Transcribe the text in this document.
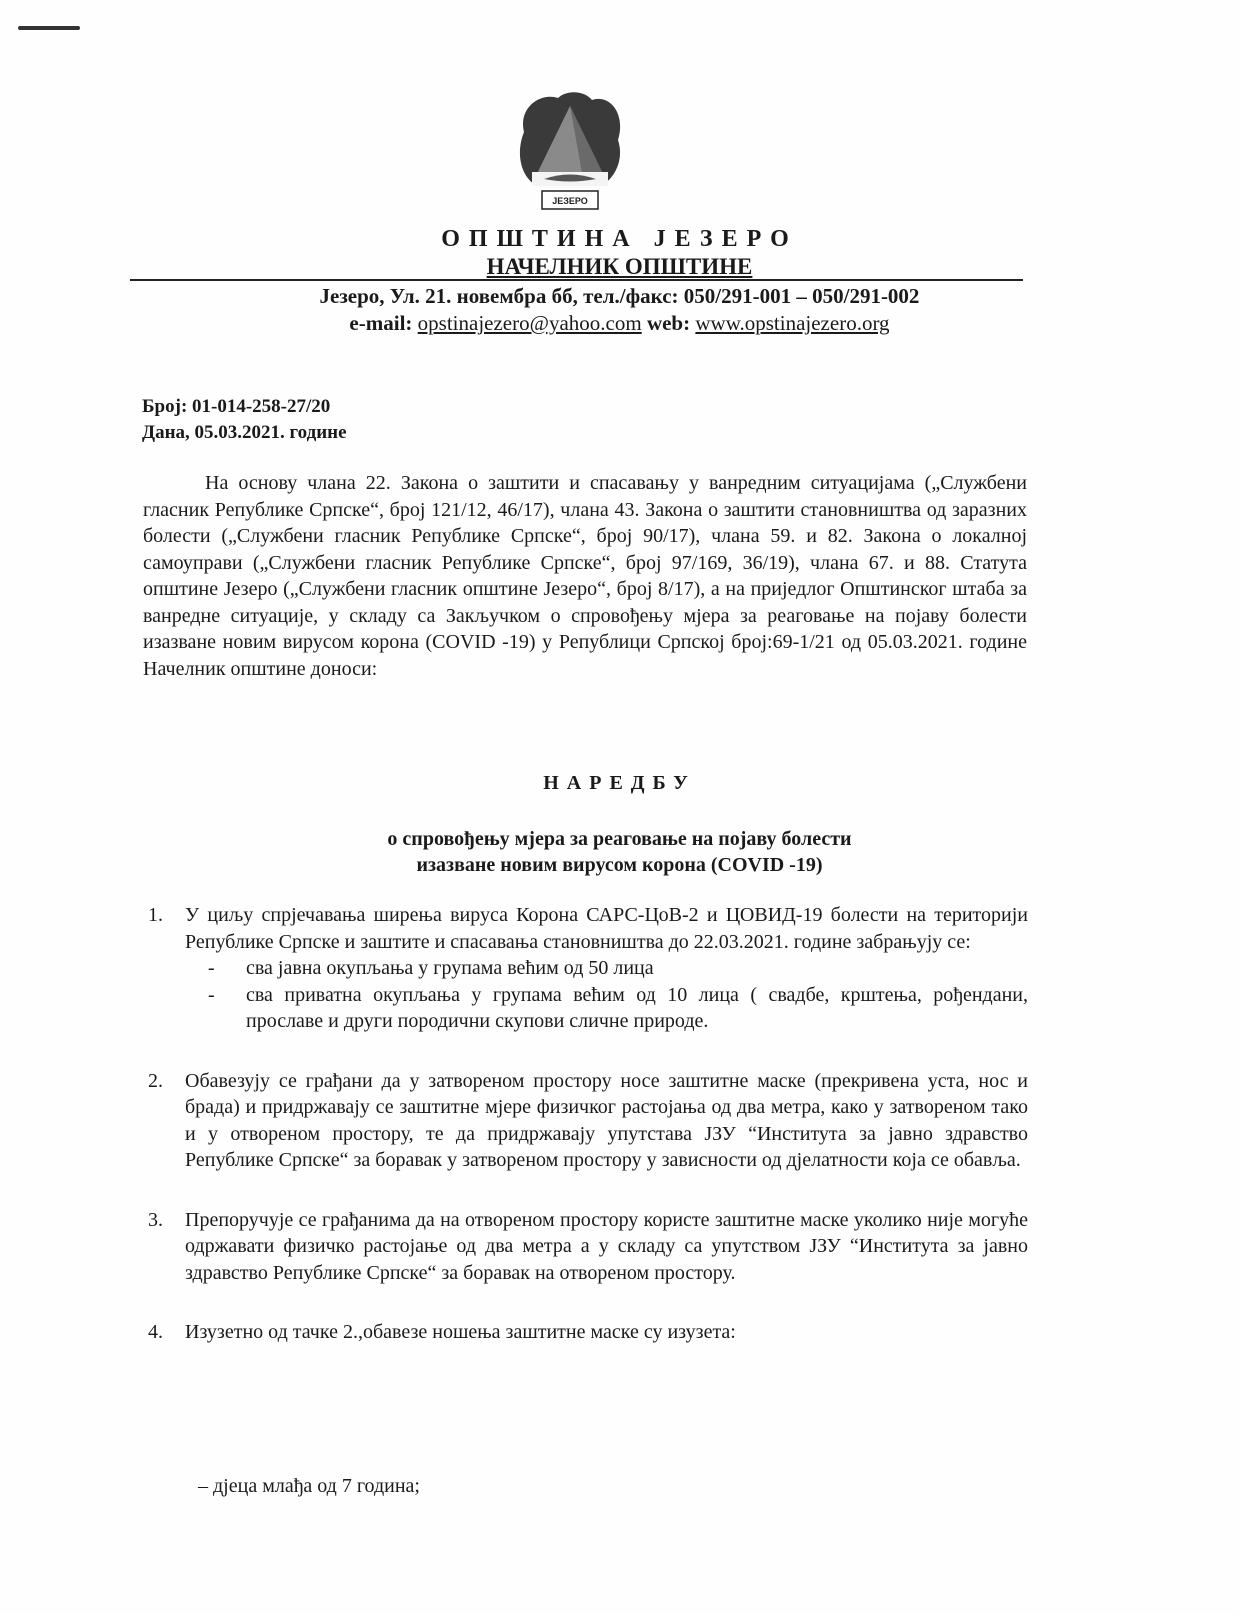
ЈЕЗЕРО
ОПШТИНА ЈЕЗЕРО
НАЧЕЛНИК ОПШТИНЕ
Језеро, Ул. 21. новембра бб, тел./факс: 050/291-001 – 050/291-002
e-mail: opstinajezero@yahoo.com web: www.opstinajezero.org
Број: 01-014-258-27/20
Дана, 05.03.2021. године

На основу члана 22. Закона о заштити и спасавању у ванредним ситуацијама („Службени гласник Републике Српске“, број 121/12, 46/17), члана 43. Закона о заштити становништва од заразних болести („Службени гласник Републике Српске“, број 90/17), члана 59. и 82. Закона о локалној самоуправи („Службени гласник Републике Српске“, број 97/169, 36/19), члана 67. и 88. Статута општине Језеро („Службени гласник општине Језеро“, број 8/17), а на приједлог Општинског штаба за ванредне ситуације, у складу са Закључком о спровођењу мјера за реаговање на појаву болести изазване новим вирусом корона (COVID -19) у Републици Српској број:69-1/21 од 05.03.2021. године Начелник општине доноси:

НАРЕДБУ
о спровођењу мјера за реаговање на појаву болести
изазване новим вирусом корона (COVID -19)
1. У циљу спрјечавања ширења вируса Корона САРС-ЦоВ-2 и ЦОВИД-19 болести на територији Републике Српске и заштите и спасавања становништва до 22.03.2021. године забрањују се:
- сва јавна окупљања у групама већим од 50 лица
- сва приватна окупљања у групама већим од 10 лица ( свадбе, крштења, рођендани, прославе и други породични скупови сличне природе.
2. Обавезују се грађани да у затвореном простору носе заштитне маске (прекривена уста, нос и брада) и придржавају се заштитне мјере физичког растојања од два метра, како у затвореном тако и у отвореном простору, те да придржавају упутстава ЈЗУ “Института за јавно здравство Републике Српске“ за боравак у затвореном простору у зависности од дјелатности која се обавља.
3. Препоручује се грађанима да на отвореном простору користе заштитне маске уколико није могуће одржавати физичко растојање од два метра а у складу са упутством ЈЗУ “Института за јавно здравство Републике Српске“ за боравак на отвореном простору.
4. Изузетно од тачке 2.,обавезе ношења заштитне маске су изузета:
– дјеца млађа од 7 година;
